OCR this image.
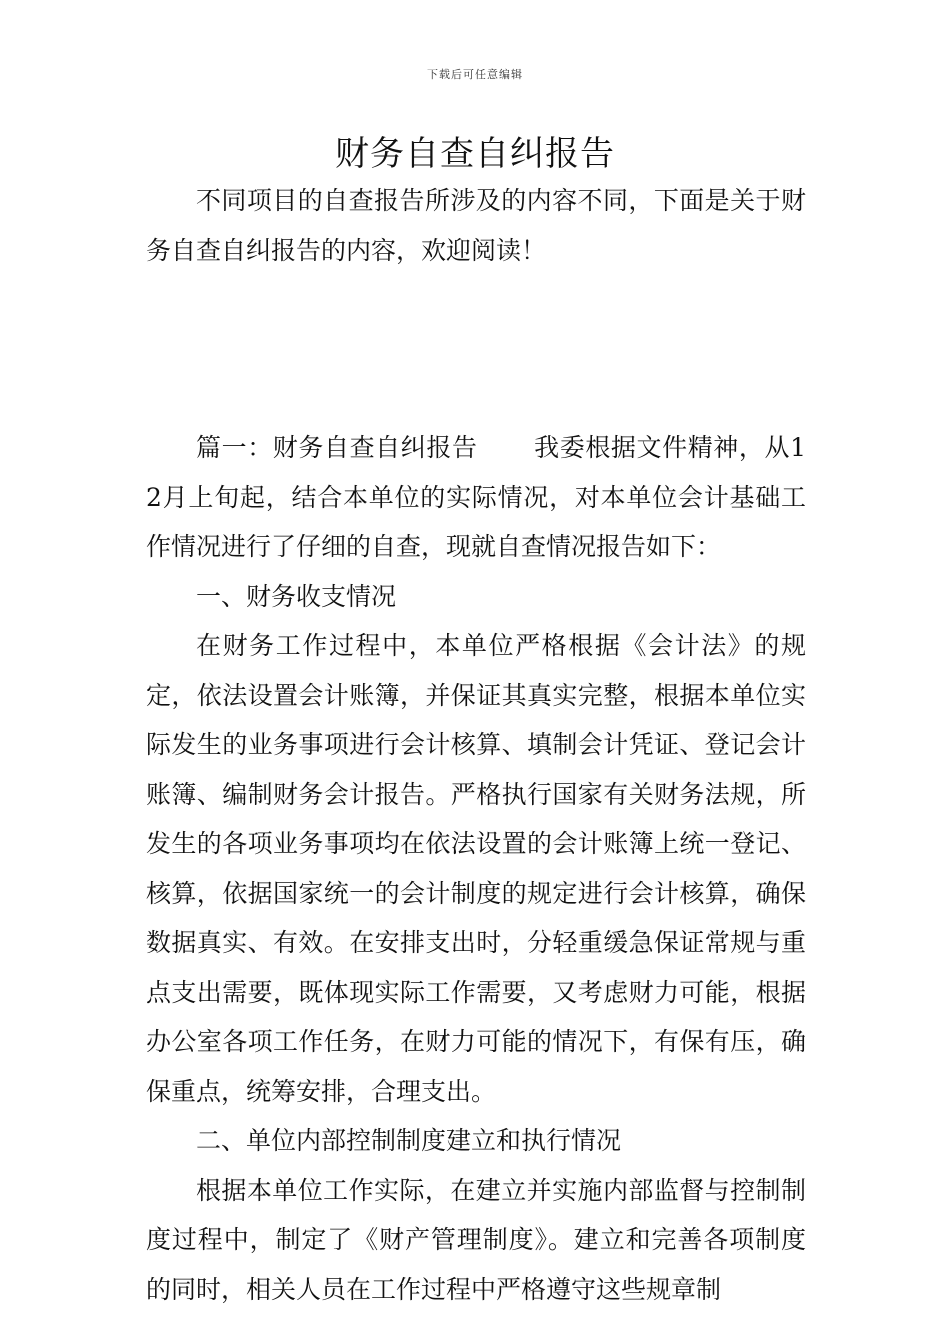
下载后可任意编辑
财务自查自纠报告

不同项目的自查报告所涉及的内容不同，下面是关于财务自查自纠报告的内容，欢迎阅读！

篇一：财务自查自纠报告 我委根据文件精神，从12月上旬起，结合本单位的实际情况，对本单位会计基础工作情况进行了仔细的自查，现就自查情况报告如下：

一、财务收支情况

在财务工作过程中，本单位严格根据《会计法》的规定，依法设置会计账簿，并保证其真实完整，根据本单位实际发生的业务事项进行会计核算、填制会计凭证、登记会计账簿、编制财务会计报告。严格执行国家有关财务法规，所发生的各项业务事项均在依法设置的会计账簿上统一登记、核算，依据国家统一的会计制度的规定进行会计核算，确保数据真实、有效。在安排支出时，分轻重缓急保证常规与重点支出需要，既体现实际工作需要，又考虑财力可能，根据办公室各项工作任务，在财力可能的情况下，有保有压，确保重点，统筹安排，合理支出。

二、单位内部控制制度建立和执行情况

根据本单位工作实际，在建立并实施内部监督与控制制度过程中，制定了《财产管理制度》。建立和完善各项制度的同时，相关人员在工作过程中严格遵守这些规章制
